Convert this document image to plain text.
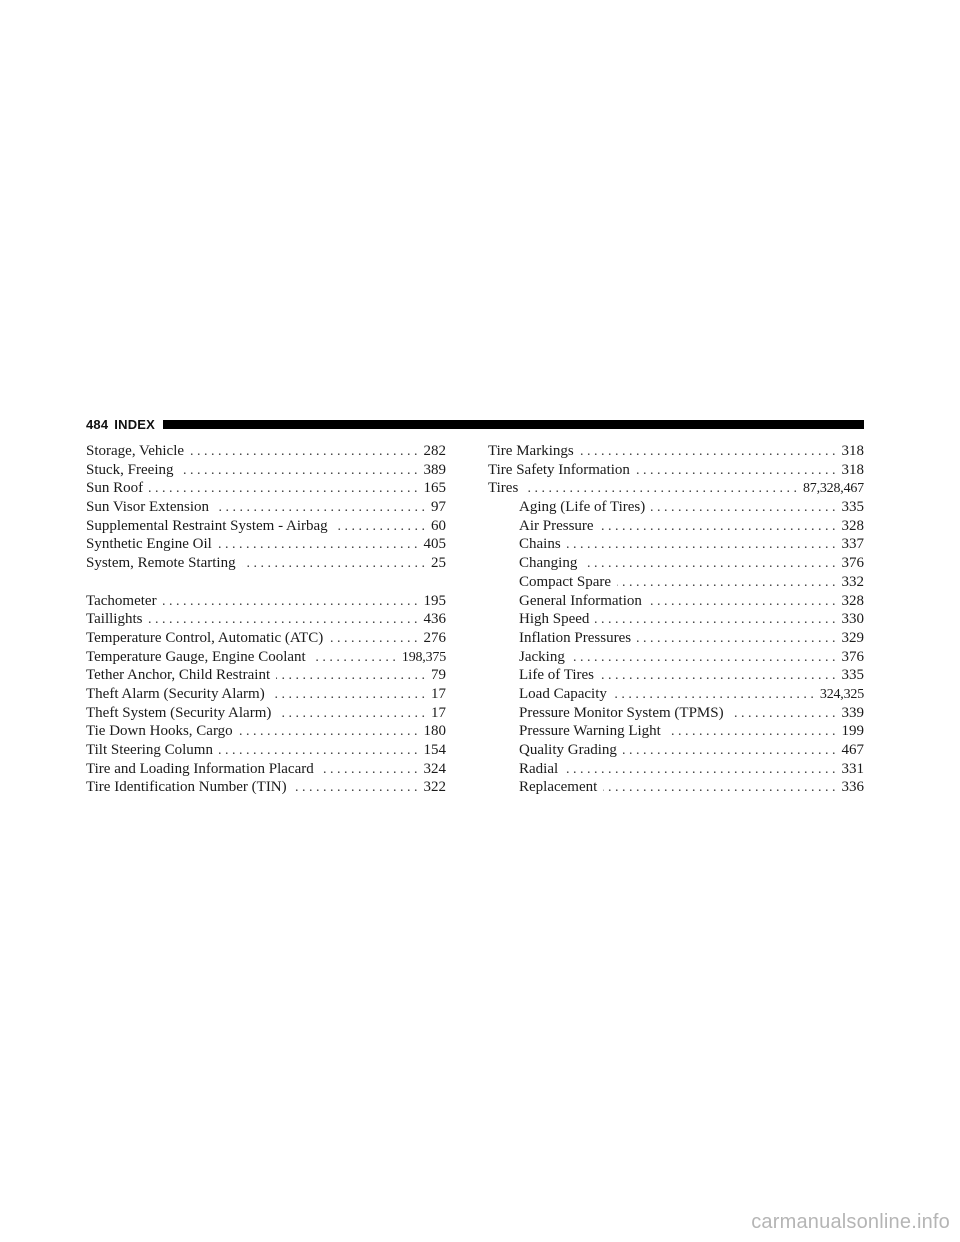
484 INDEX
Storage, Vehicle . . .	282
Stuck, Freeing . . .	389
Sun Roof . . .	165
Sun Visor Extension . . .	97
Supplemental Restraint System - Airbag . . .	60
Synthetic Engine Oil . . .	405
System, Remote Starting . . .	25
Tachometer . . .	195
Taillights . . .	436
Temperature Control, Automatic (ATC) . . .	276
Temperature Gauge, Engine Coolant . . .	198,375
Tether Anchor, Child Restraint . . .	79
Theft Alarm (Security Alarm) . . .	17
Theft System (Security Alarm) . . .	17
Tie Down Hooks, Cargo . . .	180
Tilt Steering Column . . .	154
Tire and Loading Information Placard . . .	324
Tire Identification Number (TIN) . . .	322
Tire Markings . . .	318
Tire Safety Information . . .	318
Tires . . .	87,328,467
Aging (Life of Tires) . . .	335
Air Pressure . . .	328
Chains . . .	337
Changing . . .	376
Compact Spare . . .	332
General Information . . .	328
High Speed . . .	330
Inflation Pressures . . .	329
Jacking . . .	376
Life of Tires . . .	335
Load Capacity . . .	324,325
Pressure Monitor System (TPMS) . . .	339
Pressure Warning Light . . .	199
Quality Grading . . .	467
Radial . . .	331
Replacement . . .	336
carmanualsonline.info
